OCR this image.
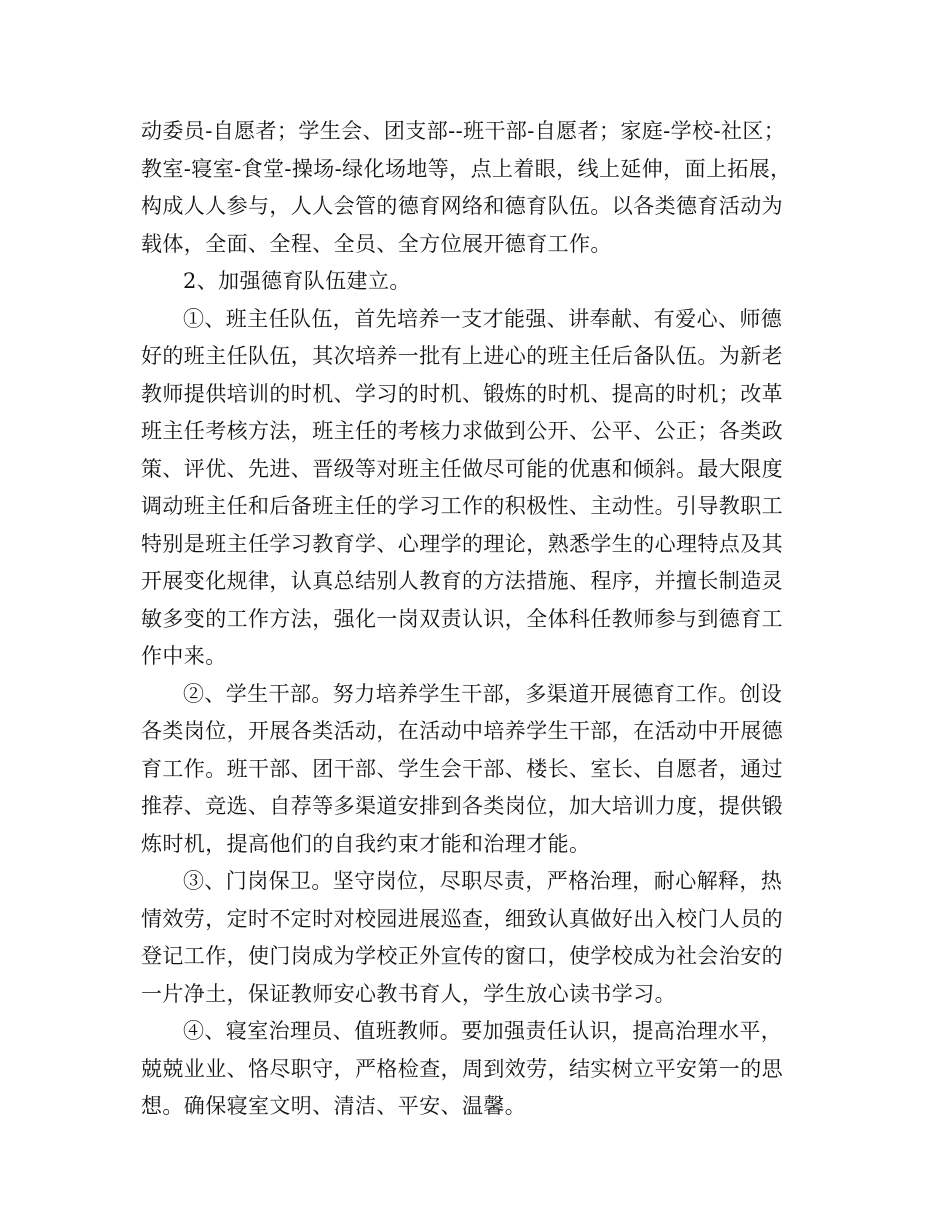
动委员-自愿者；学生会、团支部--班干部-自愿者；家庭-学校-社区；
教室-寝室-食堂-操场-绿化场地等，点上着眼，线上延伸，面上拓展，
构成人人参与，人人会管的德育网络和德育队伍。以各类德育活动为
载体，全面、全程、全员、全方位展开德育工作。
2、加强德育队伍建立。
①、班主任队伍，首先培养一支才能强、讲奉献、有爱心、师德
好的班主任队伍，其次培养一批有上进心的班主任后备队伍。为新老
教师提供培训的时机、学习的时机、锻炼的时机、提高的时机；改革
班主任考核方法，班主任的考核力求做到公开、公平、公正；各类政
策、评优、先进、晋级等对班主任做尽可能的优惠和倾斜。最大限度
调动班主任和后备班主任的学习工作的积极性、主动性。引导教职工
特别是班主任学习教育学、心理学的理论，熟悉学生的心理特点及其
开展变化规律，认真总结别人教育的方法措施、程序，并擅长制造灵
敏多变的工作方法，强化一岗双责认识，全体科任教师参与到德育工
作中来。
②、学生干部。努力培养学生干部，多渠道开展德育工作。创设
各类岗位，开展各类活动，在活动中培养学生干部，在活动中开展德
育工作。班干部、团干部、学生会干部、楼长、室长、自愿者，通过
推荐、竞选、自荐等多渠道安排到各类岗位，加大培训力度，提供锻
炼时机，提高他们的自我约束才能和治理才能。
③、门岗保卫。坚守岗位，尽职尽责，严格治理，耐心解释，热
情效劳，定时不定时对校园进展巡查，细致认真做好出入校门人员的
登记工作，使门岗成为学校正外宣传的窗口，使学校成为社会治安的
一片净土，保证教师安心教书育人，学生放心读书学习。
④、寝室治理员、值班教师。要加强责任认识，提高治理水平，
兢兢业业、恪尽职守，严格检查，周到效劳，结实树立平安第一的思
想。确保寝室文明、清洁、平安、温馨。
